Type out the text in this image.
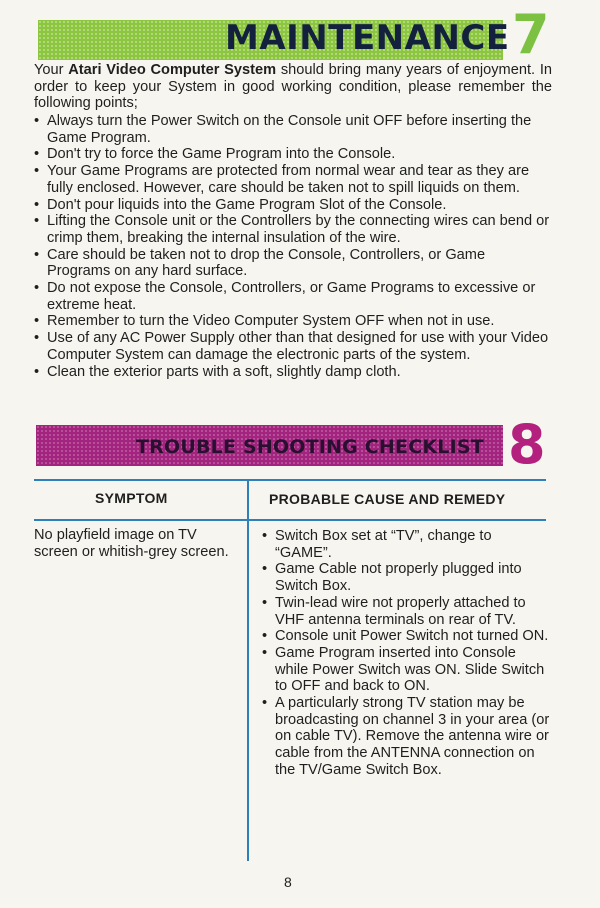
MAINTENANCE 7
Your Atari Video Computer System should bring many years of enjoyment. In order to keep your System in good working condition, please remember the following points;
• Always turn the Power Switch on the Console unit OFF before inserting the Game Program.
• Don't try to force the Game Program into the Console.
• Your Game Programs are protected from normal wear and tear as they are fully enclosed. However, care should be taken not to spill liquids on them.
• Don't pour liquids into the Game Program Slot of the Console.
• Lifting the Console unit or the Controllers by the connecting wires can bend or crimp them, breaking the internal insulation of the wire.
• Care should be taken not to drop the Console, Controllers, or Game Programs on any hard surface.
• Do not expose the Console, Controllers, or Game Programs to excessive or extreme heat.
• Remember to turn the Video Computer System OFF when not in use.
• Use of any AC Power Supply other than that designed for use with your Video Computer System can damage the electronic parts of the system.
• Clean the exterior parts with a soft, slightly damp cloth.
TROUBLE SHOOTING CHECKLIST 8
SYMPTOM	PROBABLE CAUSE AND REMEDY
No playfield image on TV screen or whitish-grey screen.
• Switch Box set at “TV”, change to “GAME”.
• Game Cable not properly plugged into Switch Box.
• Twin-lead wire not properly attached to VHF antenna terminals on rear of TV.
• Console unit Power Switch not turned ON.
• Game Program inserted into Console while Power Switch was ON. Slide Switch to OFF and back to ON.
• A particularly strong TV station may be broadcasting on channel 3 in your area (or on cable TV). Remove the antenna wire or cable from the ANTENNA connection on the TV/Game Switch Box.
8
